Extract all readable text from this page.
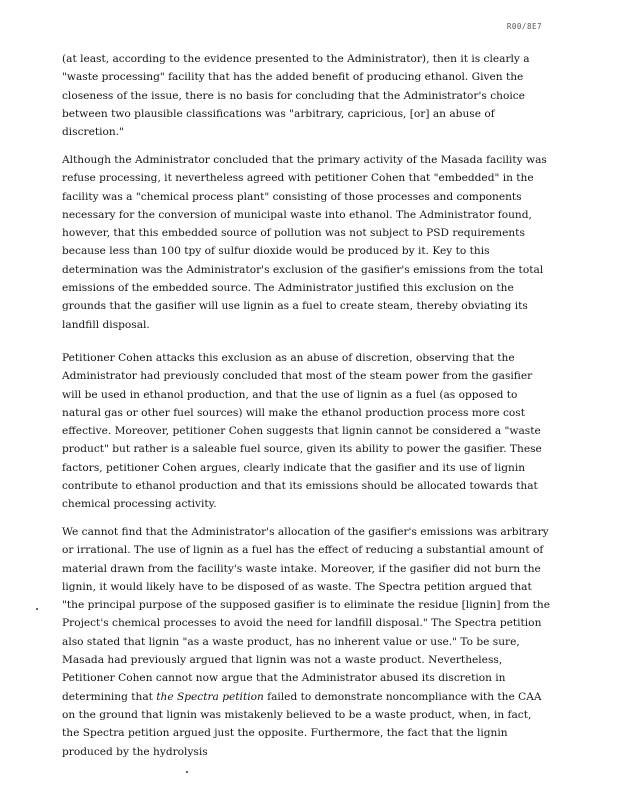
R00/8E7

(at least, according to the evidence presented to the Administrator), then it is clearly a "waste processing" facility that has the added benefit of producing ethanol. Given the closeness of the issue, there is no basis for concluding that the Administrator's choice between two plausible classifications was "arbitrary, capricious, [or] an abuse of discretion."

Although the Administrator concluded that the primary activity of the Masada facility was refuse processing, it nevertheless agreed with petitioner Cohen that "embedded" in the facility was a "chemical process plant" consisting of those processes and components necessary for the conversion of municipal waste into ethanol. The Administrator found, however, that this embedded source of pollution was not subject to PSD requirements because less than 100 tpy of sulfur dioxide would be produced by it. Key to this determination was the Administrator's exclusion of the gasifier's emissions from the total emissions of the embedded source. The Administrator justified this exclusion on the grounds that the gasifier will use lignin as a fuel to create steam, thereby obviating its landfill disposal.

Petitioner Cohen attacks this exclusion as an abuse of discretion, observing that the Administrator had previously concluded that most of the steam power from the gasifier will be used in ethanol production, and that the use of lignin as a fuel (as opposed to natural gas or other fuel sources) will make the ethanol production process more cost effective. Moreover, petitioner Cohen suggests that lignin cannot be considered a "waste product" but rather is a saleable fuel source, given its ability to power the gasifier. These factors, petitioner Cohen argues, clearly indicate that the gasifier and its use of lignin contribute to ethanol production and that its emissions should be allocated towards that chemical processing activity.

We cannot find that the Administrator's allocation of the gasifier's emissions was arbitrary or irrational. The use of lignin as a fuel has the effect of reducing a substantial amount of material drawn from the facility's waste intake. Moreover, if the gasifier did not burn the lignin, it would likely have to be disposed of as waste. The Spectra petition argued that "the principal purpose of the supposed gasifier is to eliminate the residue [lignin] from the Project's chemical processes to avoid the need for landfill disposal." The Spectra petition also stated that lignin "as a waste product, has no inherent value or use." To be sure, Masada had previously argued that lignin was not a waste product. Nevertheless, Petitioner Cohen cannot now argue that the Administrator abused its discretion in determining that the Spectra petition failed to demonstrate noncompliance with the CAA on the ground that lignin was mistakenly believed to be a waste product, when, in fact, the Spectra petition argued just the opposite. Furthermore, the fact that the lignin produced by the hydrolysis
